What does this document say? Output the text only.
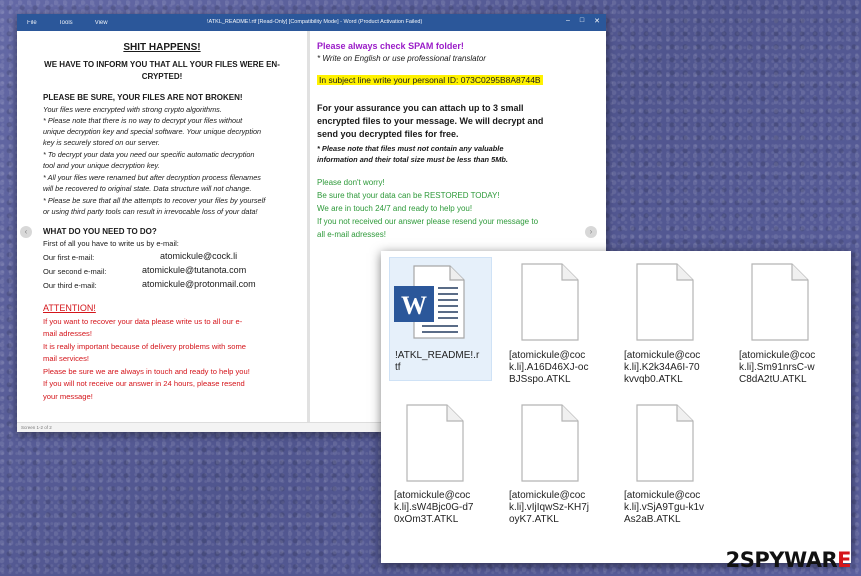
File	Tools	View	!ATKL_README!.rtf [Read-Only] [Compatibility Mode] - Word (Product Activation Failed)	– □ ✕
SHIT HAPPENS!
WE HAVE TO INFORM YOU THAT ALL YOUR FILES WERE EN-
CRYPTED!
PLEASE BE SURE, YOUR FILES ARE NOT BROKEN!
Your files were encrypted with strong crypto algorithms.
* Please note that there is no way to decrypt your files without
unique decryption key and special software. Your unique decryption
key is securely stored on our server.
* To decrypt your data you need our specific automatic decryption
tool and your unique decryption key.
* All your files were renamed but after decryption process filenames
will be recovered to original state. Data structure will not change.
* Please be sure that all the attempts to recover your files by yourself
or using third party tools can result in irrevocable loss of your data!
WHAT DO YOU NEED TO DO?
First of all you have to write us by e-mail:
Our first e-mail:	atomickule@cock.li
Our second e-mail:	atomickule@tutanota.com
Our third e-mail:	atomickule@protonmail.com
ATTENTION!
If you want to recover your data please write us to all our e-
mail adresses!
It is really important because of delivery problems with some
mail services!
Please be sure we are always in touch and ready to help you!
If you will not receive our answer in 24 hours, please resend
your message!
‹
Please always check SPAM folder!
* Write on English or use professional translator
In subject line write your personal ID: 073C0295B8A8744B
For your assurance you can attach up to 3 small
encrypted files to your message. We will decrypt and
send you decrypted files for free.
* Please note that files must not contain any valuable
information and their total size must be less than 5Mb.
Please don't worry!
Be sure that your data can be RESTORED TODAY!
We are in touch 24/7 and ready to help you!
If you not received our answer please resend your message to
all e-mail adresses!	›
Screen 1-2 of 2
W
!ATKL_README!.r
tf
[atomickule@coc
k.li].A16D46XJ-oc
BJSspo.ATKL
[atomickule@coc
k.li].K2k34A6I-70
kvvqb0.ATKL
[atomickule@coc
k.li].Sm91nrsC-w
C8dA2tU.ATKL
[atomickule@coc
k.li].sW4Bjc0G-d7
0xOm3T.ATKL
[atomickule@coc
k.li].vIjIqwSz-KH7j
oyK7.ATKL
[atomickule@coc
k.li].vSjA9Tgu-k1v
As2aB.ATKL
2SPYWARE
